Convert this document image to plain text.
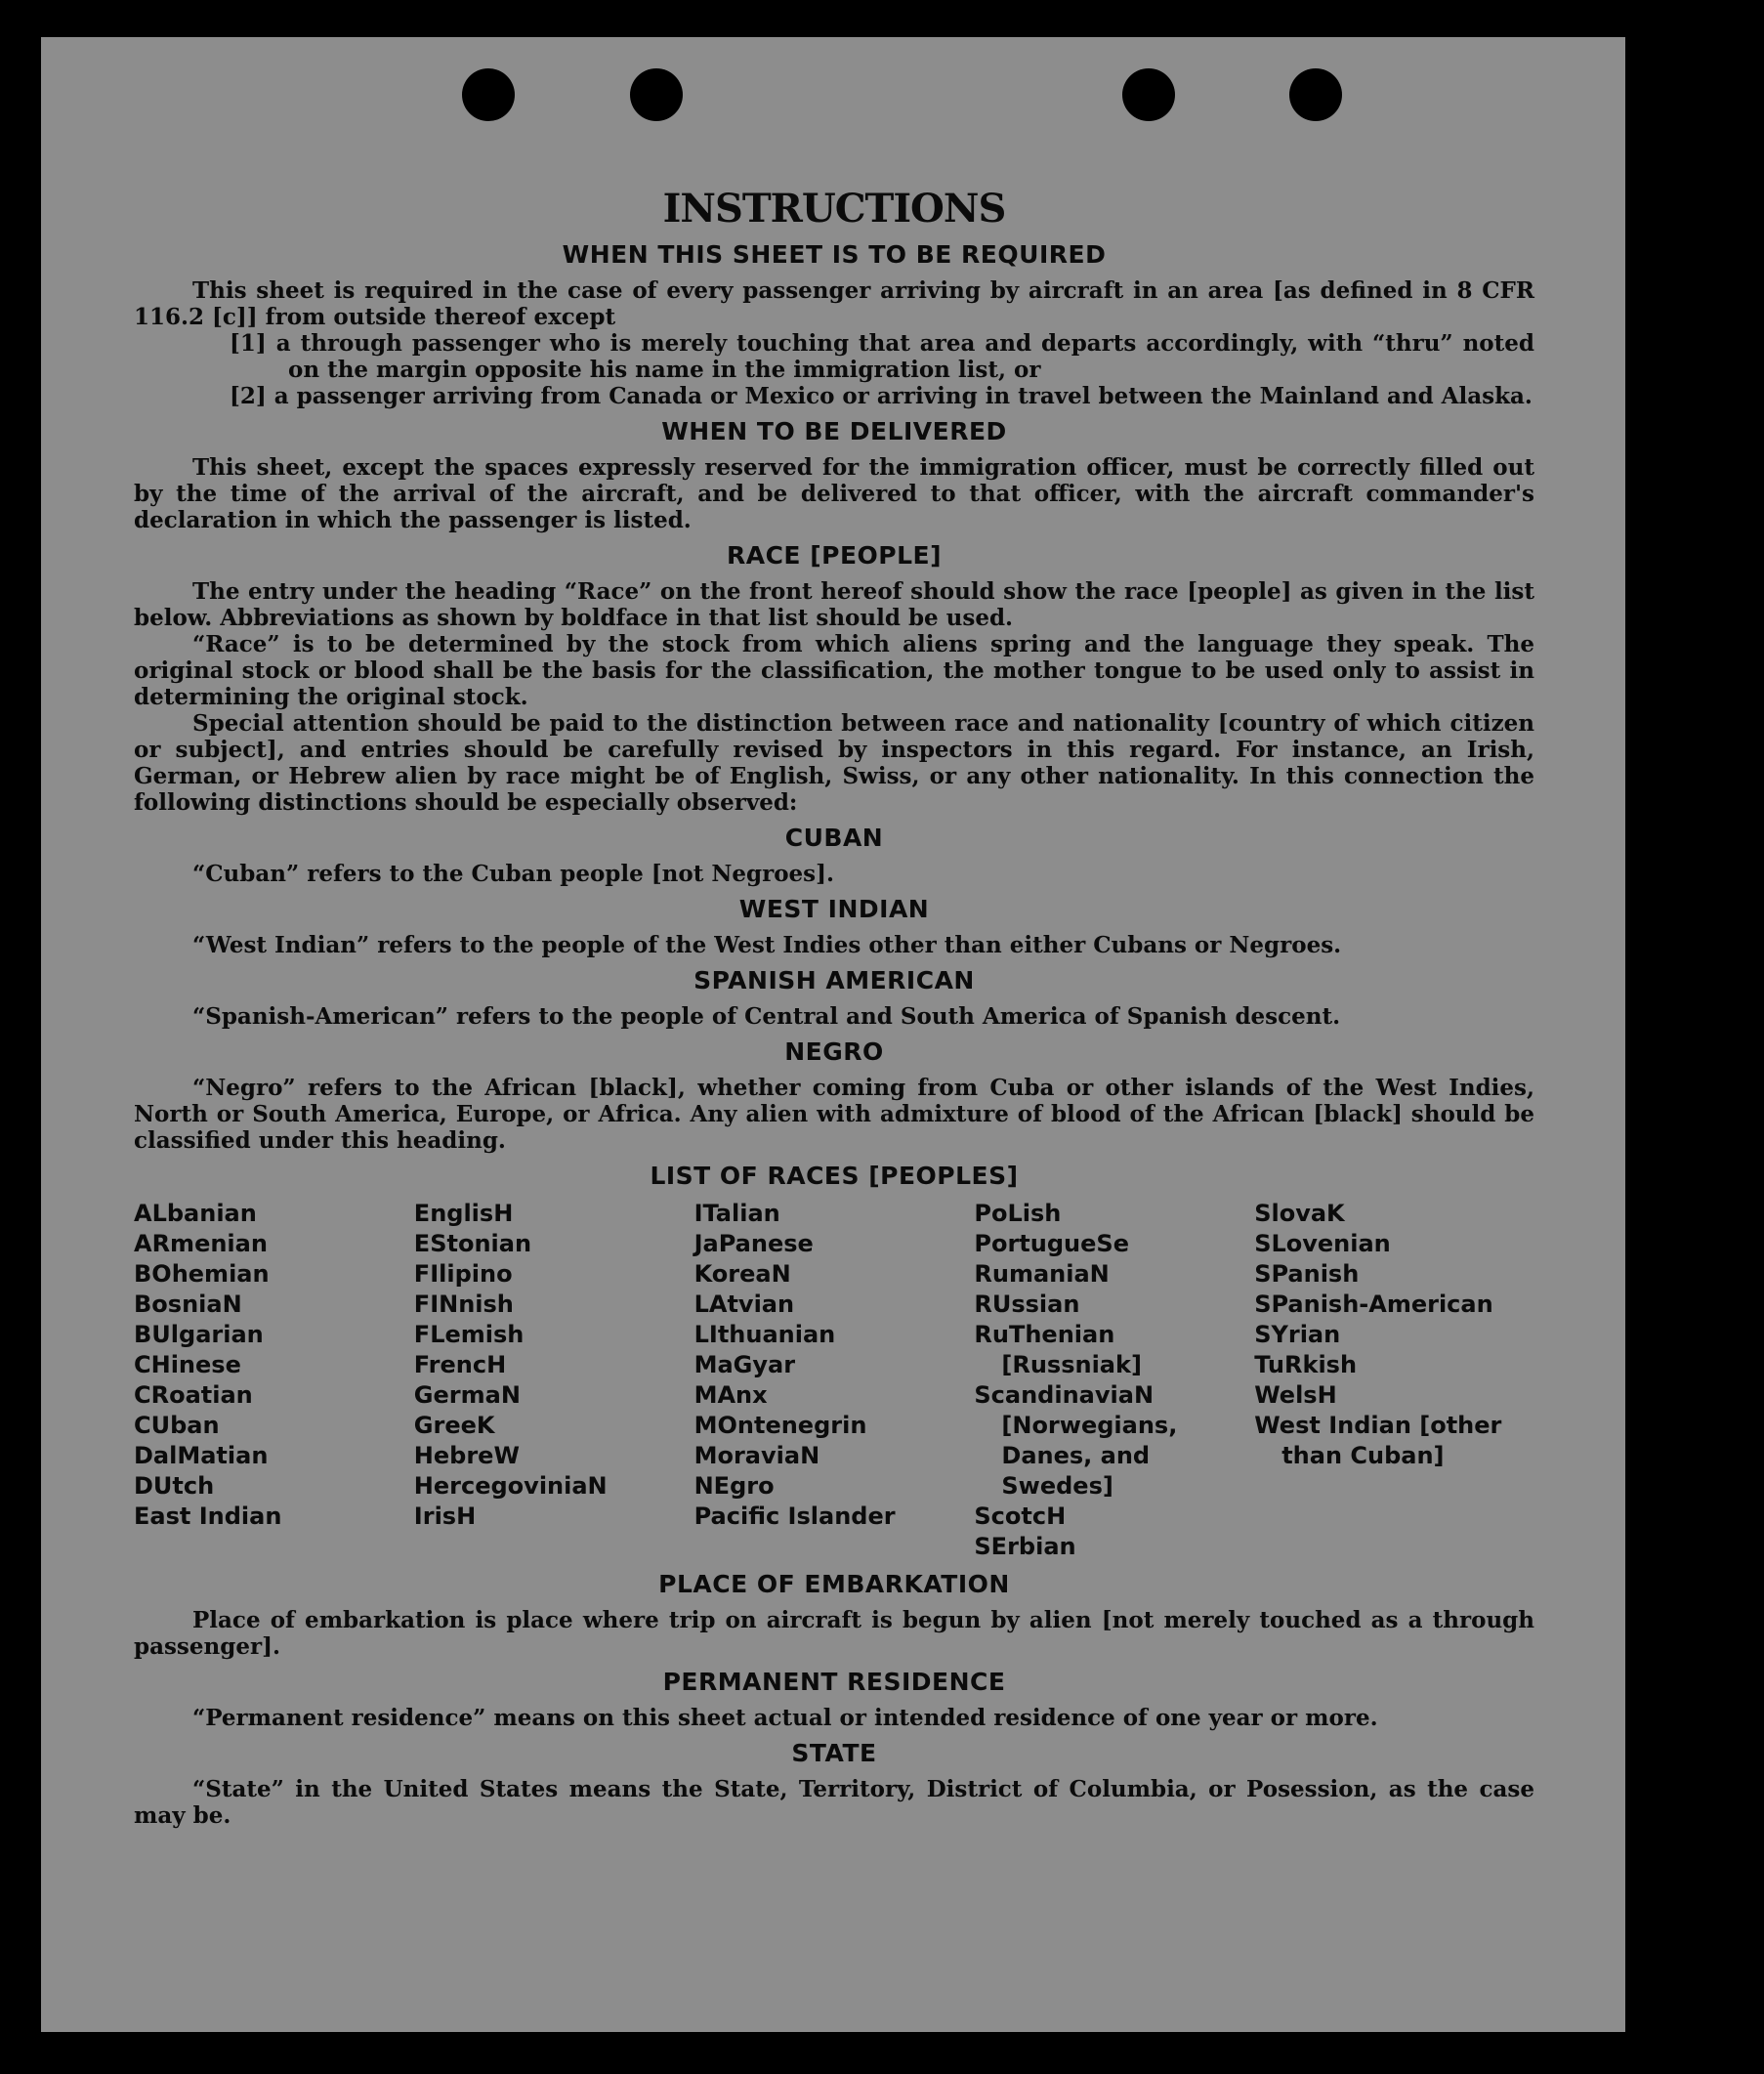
INSTRUCTIONS
WHEN THIS SHEET IS TO BE REQUIRED

This sheet is required in the case of every passenger arriving by aircraft in an area [as defined in 8 CFR 116.2 [c]] from outside thereof except

[1] a through passenger who is merely touching that area and departs accordingly, with “thru” noted on the margin opposite his name in the immigration list, or

[2] a passenger arriving from Canada or Mexico or arriving in travel between the Mainland and Alaska.

WHEN TO BE DELIVERED

This sheet, except the spaces expressly reserved for the immigration officer, must be correctly filled out by the time of the arrival of the aircraft, and be delivered to that officer, with the aircraft commander's declaration in which the passenger is listed.

RACE [PEOPLE]

The entry under the heading “Race” on the front hereof should show the race [people] as given in the list below. Abbreviations as shown by boldface in that list should be used.

“Race” is to be determined by the stock from which aliens spring and the language they speak. The original stock or blood shall be the basis for the classification, the mother tongue to be used only to assist in determining the original stock.

Special attention should be paid to the distinction between race and nationality [country of which citizen or subject], and entries should be carefully revised by inspectors in this regard. For instance, an Irish, German, or Hebrew alien by race might be of English, Swiss, or any other nationality. In this connection the following distinctions should be especially observed:

CUBAN

“Cuban” refers to the Cuban people [not Negroes].

WEST INDIAN

“West Indian” refers to the people of the West Indies other than either Cubans or Negroes.

SPANISH AMERICAN

“Spanish-American” refers to the people of Central and South America of Spanish descent.

NEGRO

“Negro” refers to the African [black], whether coming from Cuba or other islands of the West Indies, North or South America, Europe, or Africa. Any alien with admixture of blood of the African [black] should be classified under this heading.

LIST OF RACES [PEOPLES]
ALbanian
ARmenian
BOhemian
BosniaN
BUlgarian
CHinese
CRoatian
CUban
DalMatian
DUtch
East Indian
EnglisH
EStonian
FIlipino
FINnish
FLemish
FrencH
GermaN
GreeK
HebreW
HercegoviniaN
IrisH
ITalian
JaPanese
KoreaN
LAtvian
LIthuanian
MaGyar
MAnx
MOntenegrin
MoraviaN
NEgro
Pacific Islander
PoLish
PortugueSe
RumaniaN
RUssian
RuThenian [Russniak]
ScandinaviaN [Norwegians, Danes, and Swedes]
ScotcH
SErbian
SlovaK
SLovenian
SPanish
SPanish-American
SYrian
TuRkish
WelsH
West Indian [other than Cuban]
PLACE OF EMBARKATION

Place of embarkation is place where trip on aircraft is begun by alien [not merely touched as a through passenger].

PERMANENT RESIDENCE

“Permanent residence” means on this sheet actual or intended residence of one year or more.

STATE

“State” in the United States means the State, Territory, District of Columbia, or Posession, as the case may be.
